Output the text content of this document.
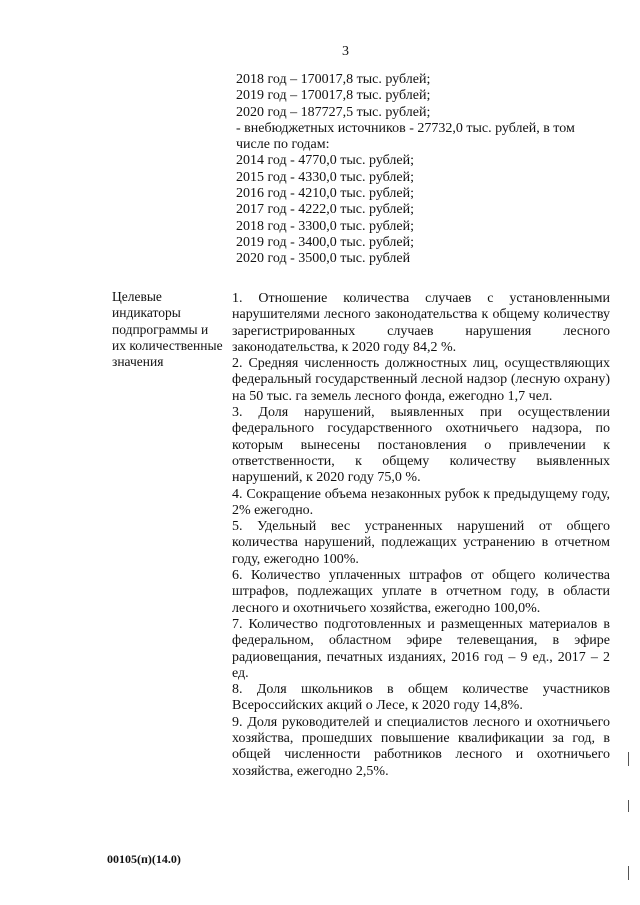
3
2018 год – 170017,8 тыс. рублей;
2019 год – 170017,8 тыс. рублей;
2020 год – 187727,5 тыс. рублей;
- внебюджетных источников - 27732,0 тыс. рублей, в том
числе по годам:
2014 год - 4770,0 тыс. рублей;
2015 год - 4330,0 тыс. рублей;
2016 год - 4210,0 тыс. рублей;
2017 год - 4222,0 тыс. рублей;
2018 год - 3300,0 тыс. рублей;
2019 год - 3400,0 тыс. рублей;
2020 год - 3500,0 тыс. рублей
Целевые индикаторы подпрограммы и их количественные значения

1. Отношение количества случаев с установленными нарушителями лесного законодательства к общему количеству зарегистрированных случаев нарушения лесного законодательства, к 2020 году 84,2 %.

2. Средняя численность должностных лиц, осуществляющих федеральный государственный лесной надзор (лесную охрану) на 50 тыс. га земель лесного фонда, ежегодно 1,7 чел.

3. Доля нарушений, выявленных при осуществлении федерального государственного охотничьего надзора, по которым вынесены постановления о привлечении к ответственности, к общему количеству выявленных нарушений, к 2020 году 75,0 %.

4. Сокращение объема незаконных рубок к предыдущему году, 2% ежегодно.

5. Удельный вес устраненных нарушений от общего количества нарушений, подлежащих устранению в отчетном году, ежегодно 100%.

6. Количество уплаченных штрафов от общего количества штрафов, подлежащих уплате в отчетном году, в области лесного и охотничьего хозяйства, ежегодно 100,0%.

7. Количество подготовленных и размещенных материалов в федеральном, областном эфире телевещания, в эфире радиовещания, печатных изданиях, 2016 год – 9 ед., 2017 – 2 ед.

8. Доля школьников в общем количестве участников Всероссийских акций о Лесе, к 2020 году 14,8%.

9. Доля руководителей и специалистов лесного и охотничьего хозяйства, прошедших повышение квалификации за год, в общей численности работников лесного и охотничьего хозяйства, ежегодно 2,5%.

00105(п)(14.0)
